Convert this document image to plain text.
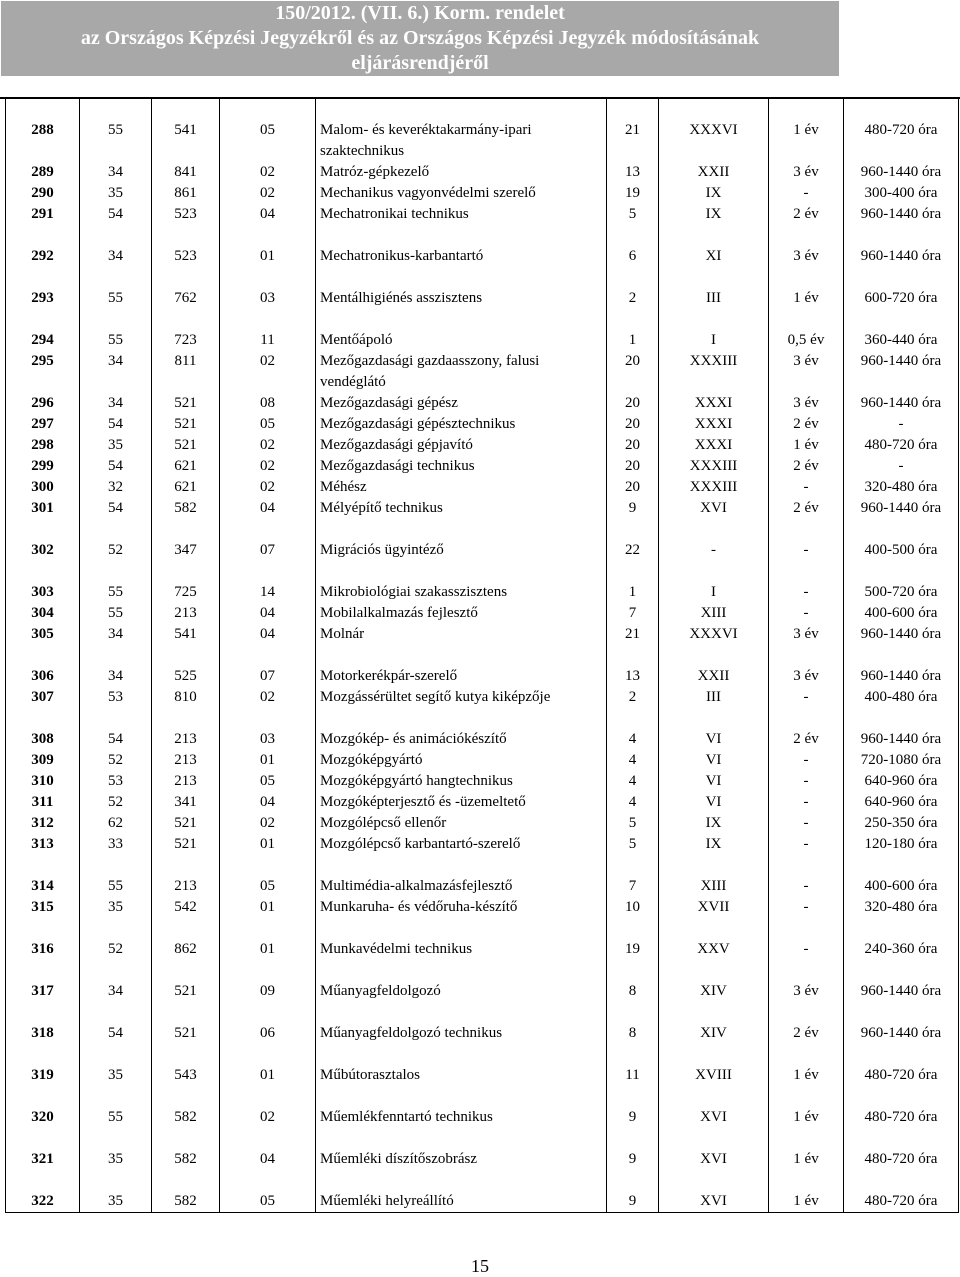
150/2012. (VII. 6.) Korm. rendelet
az Országos Képzési Jegyzékről és az Országos Képzési Jegyzék módosításának
eljárásrendjéről

288	55	541	05	Malom- és keveréktakarmány-ipari szaktechnikus	21	XXXVI	1 év	480-720 óra
289	34	841	02	Matróz-gépkezelő	13	XXII	3 év	960-1440 óra
290	35	861	02	Mechanikus vagyonvédelmi szerelő	19	IX	-	300-400 óra
291	54	523	04	Mechatronikai technikus	5	IX	2 év	960-1440 óra
292	34	523	01	Mechatronikus-karbantartó	6	XI	3 év	960-1440 óra
293	55	762	03	Mentálhigiénés asszisztens	2	III	1 év	600-720 óra
294	55	723	11	Mentőápoló	1	I	0,5 év	360-440 óra
295	34	811	02	Mezőgazdasági gazdaasszony, falusi vendéglátó	20	XXXIII	3 év	960-1440 óra
296	34	521	08	Mezőgazdasági gépész	20	XXXI	3 év	960-1440 óra
297	54	521	05	Mezőgazdasági gépésztechnikus	20	XXXI	2 év	-
298	35	521	02	Mezőgazdasági gépjavító	20	XXXI	1 év	480-720 óra
299	54	621	02	Mezőgazdasági technikus	20	XXXIII	2 év	-
300	32	621	02	Méhész	20	XXXIII	-	320-480 óra
301	54	582	04	Mélyépítő technikus	9	XVI	2 év	960-1440 óra
302	52	347	07	Migrációs ügyintéző	22	-	-	400-500 óra
303	55	725	14	Mikrobiológiai szakasszisztens	1	I	-	500-720 óra
304	55	213	04	Mobilalkalmazás fejlesztő	7	XIII	-	400-600 óra
305	34	541	04	Molnár	21	XXXVI	3 év	960-1440 óra
306	34	525	07	Motorkerékpár-szerelő	13	XXII	3 év	960-1440 óra
307	53	810	02	Mozgássérültet segítő kutya kiképzője	2	III	-	400-480 óra
308	54	213	03	Mozgókép- és animációkészítő	4	VI	2 év	960-1440 óra
309	52	213	01	Mozgóképgyártó	4	VI	-	720-1080 óra
310	53	213	05	Mozgóképgyártó hangtechnikus	4	VI	-	640-960 óra
311	52	341	04	Mozgóképterjesztő és -üzemeltető	4	VI	-	640-960 óra
312	62	521	02	Mozgólépcső ellenőr	5	IX	-	250-350 óra
313	33	521	01	Mozgólépcső karbantartó-szerelő	5	IX	-	120-180 óra
314	55	213	05	Multimédia-alkalmazásfejlesztő	7	XIII	-	400-600 óra
315	35	542	01	Munkaruha- és védőruha-készítő	10	XVII	-	320-480 óra
316	52	862	01	Munkavédelmi technikus	19	XXV	-	240-360 óra
317	34	521	09	Műanyagfeldolgozó	8	XIV	3 év	960-1440 óra
318	54	521	06	Műanyagfeldolgozó technikus	8	XIV	2 év	960-1440 óra
319	35	543	01	Műbútorasztalos	11	XVIII	1 év	480-720 óra
320	55	582	02	Műemlékfenntartó technikus	9	XVI	1 év	480-720 óra
321	35	582	04	Műemléki díszítőszobrász	9	XVI	1 év	480-720 óra
322	35	582	05	Műemléki helyreállító	9	XVI	1 év	480-720 óra
15
